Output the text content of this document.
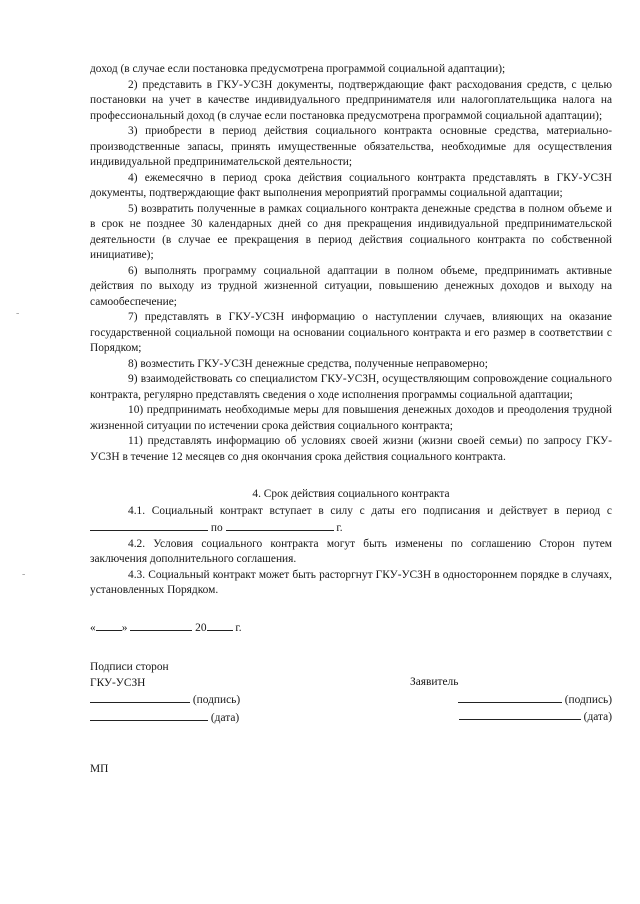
доход (в случае если постановка предусмотрена программой социальной адаптации);

2) представить в ГКУ-УСЗН документы, подтверждающие факт расходования средств, с целью постановки на учет в качестве индивидуального предпринимателя или налогоплательщика налога на профессиональный доход (в случае если постановка предусмотрена программой социальной адаптации);

3) приобрести в период действия социального контракта основные средства, материально-производственные запасы, принять имущественные обязательства, необходимые для осуществления индивидуальной предпринимательской деятельности;

4) ежемесячно в период срока действия социального контракта представлять в ГКУ-УСЗН документы, подтверждающие факт выполнения мероприятий программы социальной адаптации;

5) возвратить полученные в рамках социального контракта денежные средства в полном объеме и в срок не позднее 30 календарных дней со дня прекращения индивидуальной предпринимательской деятельности (в случае ее прекращения в период действия социального контракта по собственной инициативе);

6) выполнять программу социальной адаптации в полном объеме, предпринимать активные действия по выходу из трудной жизненной ситуации, повышению денежных доходов и выходу на самообеспечение;

7) представлять в ГКУ-УСЗН информацию о наступлении случаев, влияющих на оказание государственной социальной помощи на основании социального контракта и его размер в соответствии с Порядком;

8) возместить ГКУ-УСЗН денежные средства, полученные неправомерно;

9) взаимодействовать со специалистом ГКУ-УСЗН, осуществляющим сопровождение социального контракта, регулярно представлять сведения о ходе исполнения программы социальной адаптации;

10) предпринимать необходимые меры для повышения денежных доходов и преодоления трудной жизненной ситуации по истечении срока действия социального контракта;

11) представлять информацию об условиях своей жизни (жизни своей семьи) по запросу ГКУ-УСЗН в течение 12 месяцев со дня окончания срока действия социального контракта.

4. Срок действия социального контракта

4.1. Социальный контракт вступает в силу с даты его подписания и действует в период с  по	г.

4.2. Условия социального контракта могут быть изменены по соглашению Сторон путем заключения дополнительного соглашения.

4.3. Социальный контракт может быть расторгнут ГКУ-УСЗН в одностороннем порядке в случаях, установленных Порядком.

« »	20	г.

Подписи сторон
ГКУ-УСЗН
(подпись)
(дата)
Заявитель
(подпись)
(дата)
МП
-
-
